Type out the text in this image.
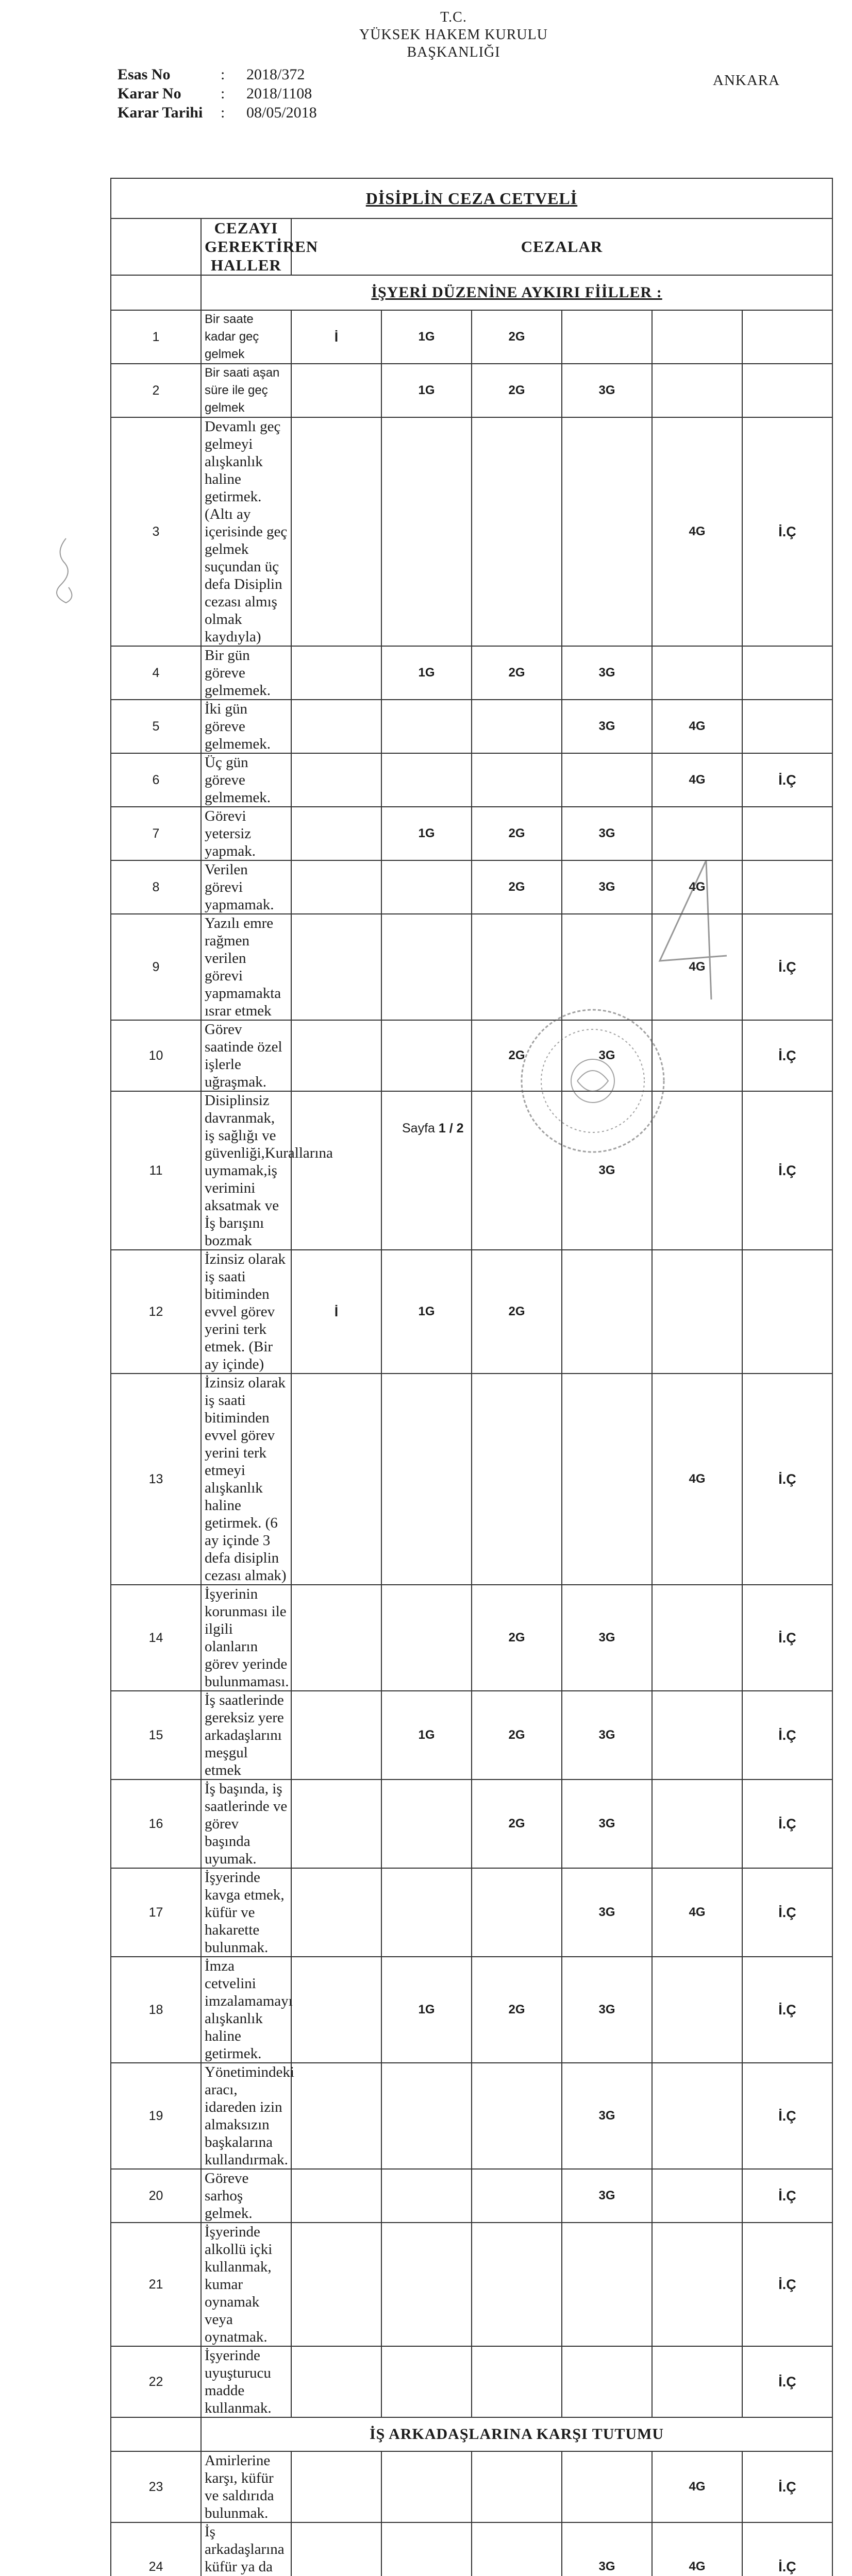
T.C.
YÜKSEK HAKEM KURULU
BAŞKANLIĞI
Esas No	:	2018/372
Karar No	:	2018/1108
Karar Tarihi	:	08/05/2018
ANKARA
DİSİPLİN CEZA CETVELİ							
	CEZAYI GEREKTİREN HALLER	CEZALAR					
	İŞYERİ DÜZENİNE AYKIRI FİİLLER :						
1	Bir saate kadar geç gelmek	İ	1G	2G			
2	Bir saati aşan süre ile geç gelmek		1G	2G	3G		
3	Devamlı geç gelmeyi alışkanlık haline getirmek.(Altı ay içerisinde geç gelmek suçundan üç defa Disiplin cezası almış olmak kaydıyla)					4G	İ.Ç
4	Bir gün göreve gelmemek.		1G	2G	3G		
5	İki gün göreve gelmemek.				3G	4G	
6	Üç gün göreve gelmemek.					4G	İ.Ç
7	Görevi yetersiz yapmak.		1G	2G	3G		
8	Verilen görevi yapmamak.			2G	3G	4G	
9	Yazılı emre rağmen verilen görevi yapmamakta ısrar etmek					4G	İ.Ç
10	Görev saatinde özel işlerle uğraşmak.			2G	3G		İ.Ç
11	Disiplinsiz davranmak, iş sağlığı ve güvenliği,Kurallarına uymamak,iş verimini aksatmak ve İş barışını bozmak				3G		İ.Ç
12	İzinsiz olarak iş saati bitiminden evvel görev yerini terk etmek. (Bir ay içinde)	İ	1G	2G			
13	İzinsiz olarak iş saati bitiminden evvel görev yerini terk etmeyi alışkanlık haline getirmek. (6 ay içinde 3 defa disiplin cezası almak)					4G	İ.Ç
14	İşyerinin korunması ile ilgili olanların görev yerinde bulunmaması.			2G	3G		İ.Ç
15	İş saatlerinde gereksiz yere arkadaşlarını meşgul etmek		1G	2G	3G		İ.Ç
16	İş başında, iş saatlerinde ve görev başında uyumak.			2G	3G		İ.Ç
17	İşyerinde kavga etmek, küfür ve hakarette bulunmak.				3G	4G	İ.Ç
18	İmza cetvelini imzalamamayı alışkanlık haline getirmek.		1G	2G	3G		İ.Ç
19	Yönetimindeki aracı, idareden izin almaksızın başkalarına kullandırmak.				3G		İ.Ç
20	Göreve sarhoş gelmek.				3G		İ.Ç
21	İşyerinde alkollü içki kullanmak, kumar oynamak veya oynatmak.						İ.Ç
22	İşyerinde uyuşturucu madde kullanmak.						İ.Ç
	İŞ ARKADAŞLARINA KARŞI TUTUMU						
23	Amirlerine karşı, küfür ve saldırıda bulunmak.					4G	İ.Ç
24	İş arkadaşlarına küfür ya da				3G	4G	İ.Ç

Sayfa 1 / 2
